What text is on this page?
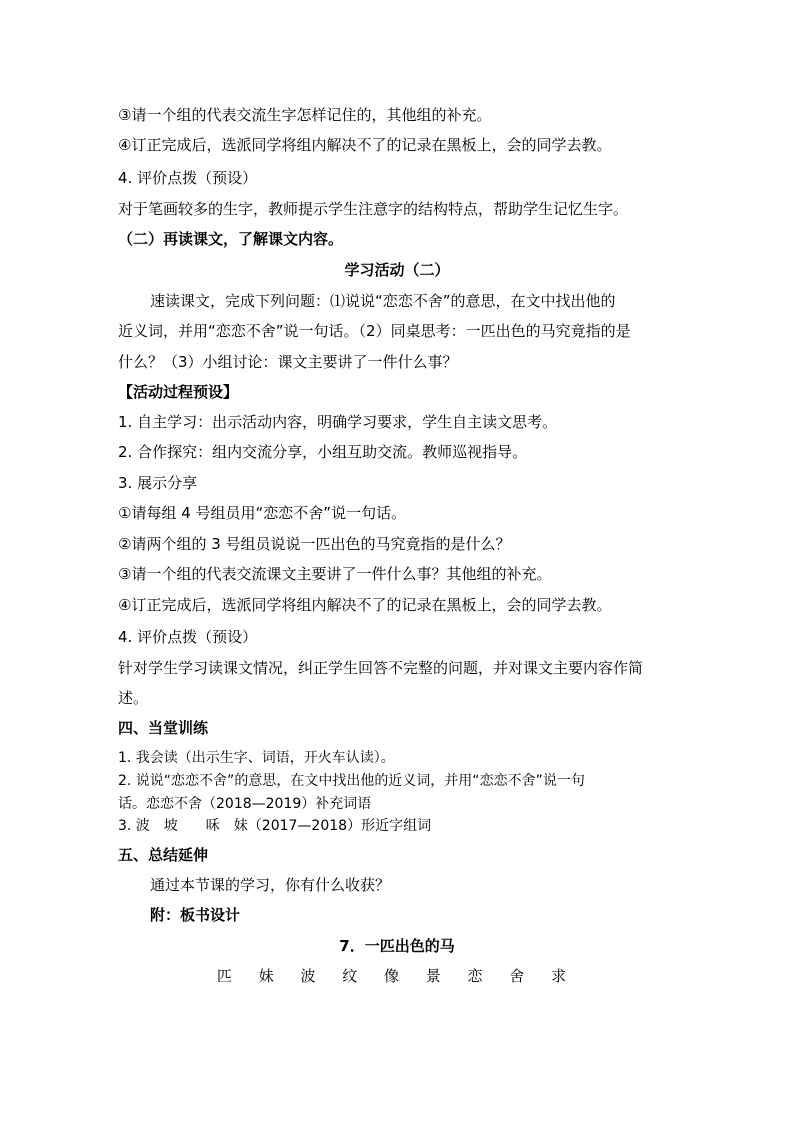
③请一个组的代表交流生字怎样记住的，其他组的补充。
④订正完成后，选派同学将组内解决不了的记录在黑板上，会的同学去教。
4. 评价点拨（预设）
对于笔画较多的生字，教师提示学生注意字的结构特点，帮助学生记忆生字。
（二）再读课文，了解课文内容。
学习活动（二）
速读课文，完成下列问题：⑴说说“恋恋不舍”的意思，在文中找出他的
近义词，并用“恋恋不舍”说一句话。（2）同桌思考：一匹出色的马究竟指的是
什么？（3）小组讨论：课文主要讲了一件什么事？
【活动过程预设】
1. 自主学习：出示活动内容，明确学习要求，学生自主读文思考。
2. 合作探究：组内交流分享，小组互助交流。教师巡视指导。
3. 展示分享
①请每组 4 号组员用“恋恋不舍”说一句话。
②请两个组的 3 号组员说说一匹出色的马究竟指的是什么？
③请一个组的代表交流课文主要讲了一件什么事？其他组的补充。
④订正完成后，选派同学将组内解决不了的记录在黑板上，会的同学去教。
4. 评价点拨（预设）
针对学生学习读课文情况，纠正学生回答不完整的问题，并对课文主要内容作简
述。
四、当堂训练
1. 我会读（出示生字、词语，开火车认读）。
2. 说说“恋恋不舍”的意思，在文中找出他的近义词，并用“恋恋不舍”说一句
话。恋恋不舍（2018—2019）补充词语
3. 波　坡　　咊　妹（2017—2018）形近字组词
五、总结延伸
通过本节课的学习，你有什么收获？
附：板书设计
7．一匹出色的马
匹 妹 波 纹 像 景 恋 舍 求
